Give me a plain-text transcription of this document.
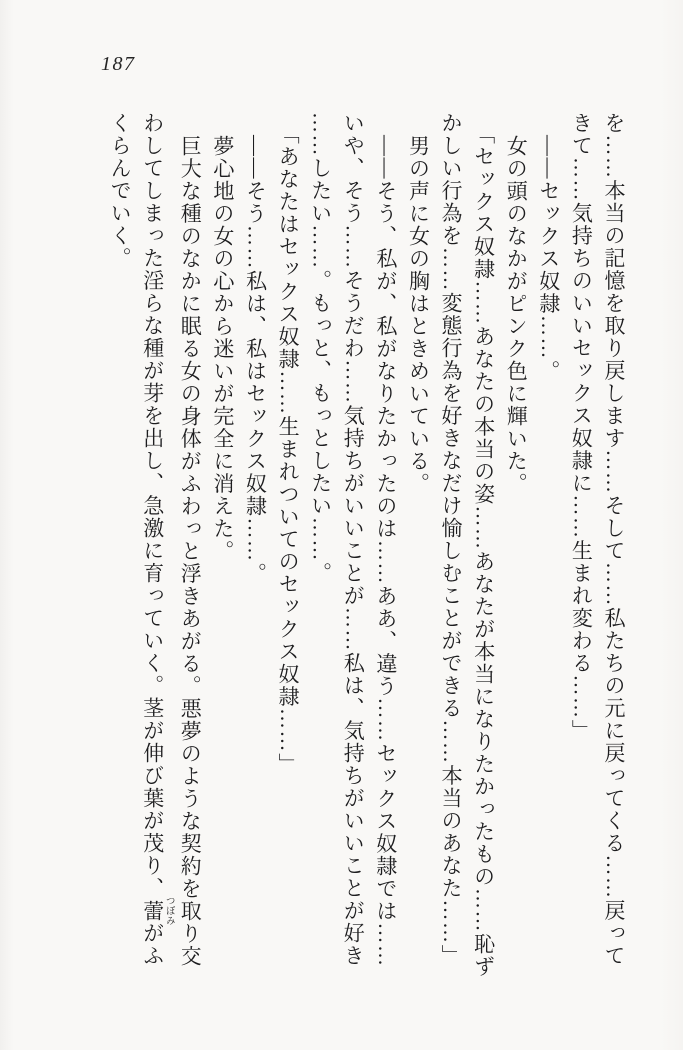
187

を……本当の記憶を取り戻します……そして……私たちの元に戻ってくる……戻って

きて……気持ちのいいセックス奴隷に……生まれ変わる……」

——セックス奴隷……。

女の頭のなかがピンク色に輝いた。

「セックス奴隷……あなたの本当の姿……あなたが本当になりたかったもの……恥ず

かしい行為を……変態行為を好きなだけ愉しむことができる……本当のあなた……」

男の声に女の胸はときめいている。

——そう、私が、私がなりたかったのは……ああ、違う……セックス奴隷では……

いや、そう……そうだわ……気持ちがいいことが……私は、気持ちがいいことが好き

……したい……。もっと、もっとしたい……。

「あなたはセックス奴隷……生まれついてのセックス奴隷……」

——そう……私は、私はセックス奴隷……。

夢心地の女の心から迷いが完全に消えた。

巨大な種のなかに眠る女の身体がふわっと浮きあがる。悪夢のような契約を取り交

わしてしまった淫らな種が芽を出し、急激に育っていく。茎が伸び葉が茂り、蕾 つぼみがふ

くらんでいく。
